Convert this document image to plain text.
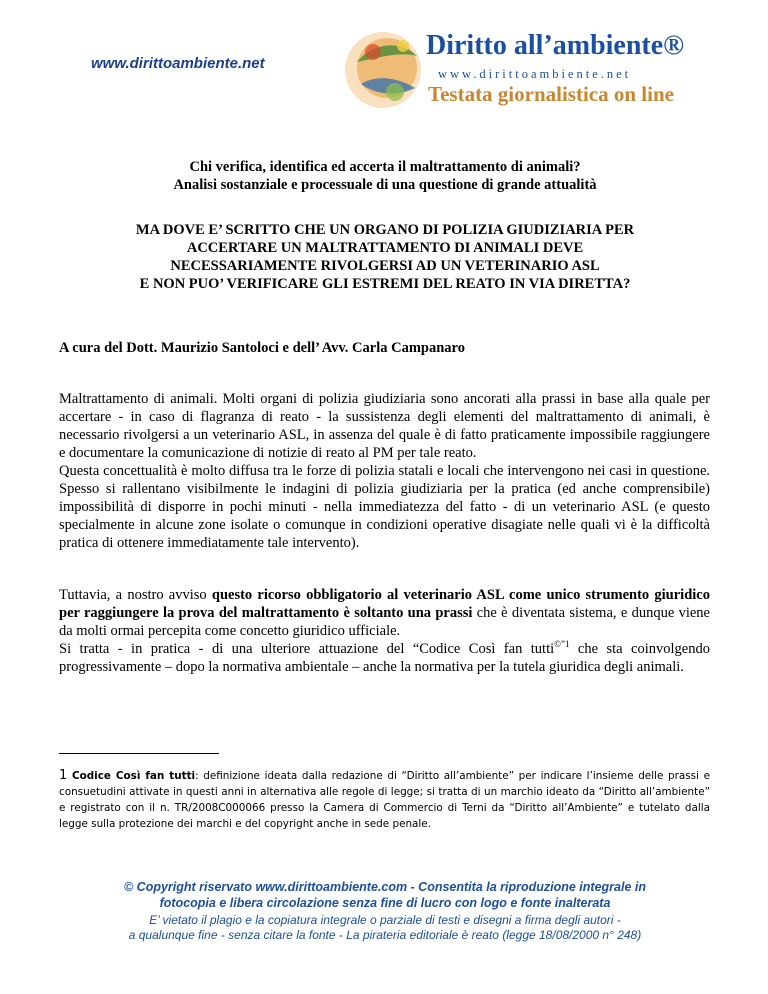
www.dirittoambiente.net
Diritto all’ambiente®
www.dirittoambiente.net
Testata giornalistica on line
Chi verifica, identifica ed accerta il maltrattamento di animali?
Analisi sostanziale e processuale di una questione di grande attualità
MA DOVE E’ SCRITTO CHE UN ORGANO DI POLIZIA GIUDIZIARIA PER
ACCERTARE UN MALTRATTAMENTO DI ANIMALI DEVE
NECESSARIAMENTE RIVOLGERSI AD UN VETERINARIO ASL
E NON PUO’ VERIFICARE GLI ESTREMI DEL REATO IN VIA DIRETTA?
A cura del Dott. Maurizio Santoloci e dell’ Avv. Carla Campanaro

Maltrattamento di animali. Molti organi di polizia giudiziaria sono ancorati alla prassi in base alla quale per accertare - in caso di flagranza di reato - la sussistenza degli elementi del maltrattamento di animali, è necessario rivolgersi a un veterinario ASL, in assenza del quale è di fatto praticamente impossibile raggiungere e documentare la comunicazione di notizie di reato al PM per tale reato.

Questa concettualità è molto diffusa tra le forze di polizia statali e locali che intervengono nei casi in questione. Spesso si rallentano visibilmente le indagini di polizia giudiziaria per la pratica (ed anche comprensibile) impossibilità di disporre in pochi minuti - nella immediatezza del fatto - di un veterinario ASL (e questo specialmente in alcune zone isolate o comunque in condizioni operative disagiate nelle quali vi è la difficoltà pratica di ottenere immediatamente tale intervento).

Tuttavia, a nostro avviso questo ricorso obbligatorio al veterinario ASL come unico strumento giuridico per raggiungere la prova del maltrattamento è soltanto una prassi che è diventata sistema, e dunque viene da molti ormai percepita come concetto giuridico ufficiale.

Si tratta - in pratica - di una ulteriore attuazione del “Codice Così fan tutti$^{©”1}$ che sta coinvolgendo progressivamente – dopo la normativa ambientale – anche la normativa per la tutela giuridica degli animali.

1 Codice Così fan tutti: definizione ideata dalla redazione di “Diritto all’ambiente” per indicare l’insieme delle prassi e consuetudini attivate in questi anni in alternativa alle regole di legge; si tratta di un marchio ideato da “Diritto all’ambiente” e registrato con il n. TR/2008C000066 presso la Camera di Commercio di Terni da “Diritto all’Ambiente” e tutelato dalla legge sulla protezione dei marchi e del copyright anche in sede penale.
© Copyright riservato www.dirittoambiente.com - Consentita la riproduzione integrale in
fotocopia e libera circolazione senza fine di lucro con logo e fonte inalterata
E’ vietato il plagio e la copiatura integrale o parziale di testi e disegni a firma degli autori -
a qualunque fine - senza citare la fonte - La pirateria editoriale è reato (legge 18/08/2000 n° 248)
